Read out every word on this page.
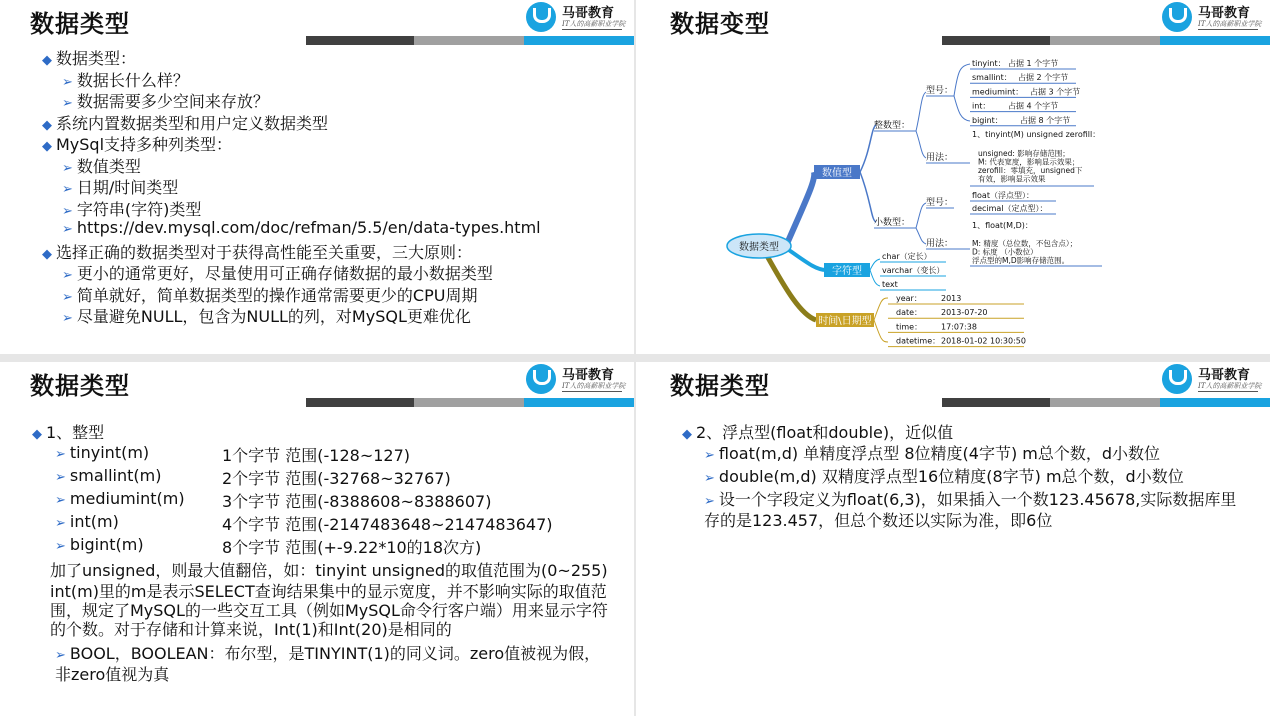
数据类型	马哥教育
IT人的高薪职业学院
◆ 数据类型：
➢ 数据长什么样？
➢ 数据需要多少空间来存放？
◆ 系统内置数据类型和用户定义数据类型
◆ MySql支持多种列类型：
➢ 数值类型
➢ 日期/时间类型
➢ 字符串(字符)类型
➢ https://dev.mysql.com/doc/refman/5.5/en/data-types.html
◆ 选择正确的数据类型对于获得高性能至关重要，三大原则：
➢ 更小的通常更好，尽量使用可正确存储数据的最小数据类型
➢ 简单就好，简单数据类型的操作通常需要更少的CPU周期
➢ 尽量避免NULL，包含为NULL的列，对MySQL更难优化
数据变型	马哥教育
IT人的高薪职业学院
数据类型
数值型
整数型：
型号：
tinyint： 占据 1 个字节
smallint： 占据 2 个字节
mediumint： 占据 3 个字节
int： 占据 4 个字节
bigint： 占据 8 个字节
用法：
1、tinyint(M) unsigned zerofill：
unsigned: 影响存储范围；
M: 代表宽度，影响显示效果；
zerofill：零填充，unsigned下
有效，影响显示效果
小数型：
型号：
float（浮点型）：
decimal（定点型）：
用法：
1、float(M,D)：
M: 精度（总位数，不包含点）；
D: 标度 （小数位）
浮点型的M,D影响存储范围。
字符型
char（定长）
varchar（变长）
text
时间\日期型
year： 2013
date： 2013-07-20
time： 17:07:38
datetime： 2018-01-02 10:30:50
数据类型	马哥教育
IT人的高薪职业学院
◆ 1、整型
➢ tinyint(m)	1个字节 范围(-128~127)
➢ smallint(m)	2个字节 范围(-32768~32767)
➢ mediumint(m) 3个字节 范围(-8388608~8388607)
➢ int(m)	4个字节 范围(-2147483648~2147483647)
➢ bigint(m)	8个字节 范围(+-9.22*10的18次方)
加了unsigned，则最大值翻倍，如：tinyint unsigned的取值范围为(0~255)
int(m)里的m是表示SELECT查询结果集中的显示宽度，并不影响实际的取值范围，规定了MySQL的一些交互工具（例如MySQL命令行客户端）用来显示字符的个数。对于存储和计算来说，Int(1)和Int(20)是相同的
➢ BOOL，BOOLEAN：布尔型，是TINYINT(1)的同义词。zero值被视为假，非zero值视为真
数据类型	马哥教育
IT人的高薪职业学院
◆ 2、浮点型(float和double)，近似值
➢ float(m,d) 单精度浮点型 8位精度(4字节) m总个数，d小数位
➢ double(m,d) 双精度浮点型16位精度(8字节) m总个数，d小数位
➢ 设一个字段定义为float(6,3)，如果插入一个数123.45678,实际数据库里存的是123.457，但总个数还以实际为准，即6位
